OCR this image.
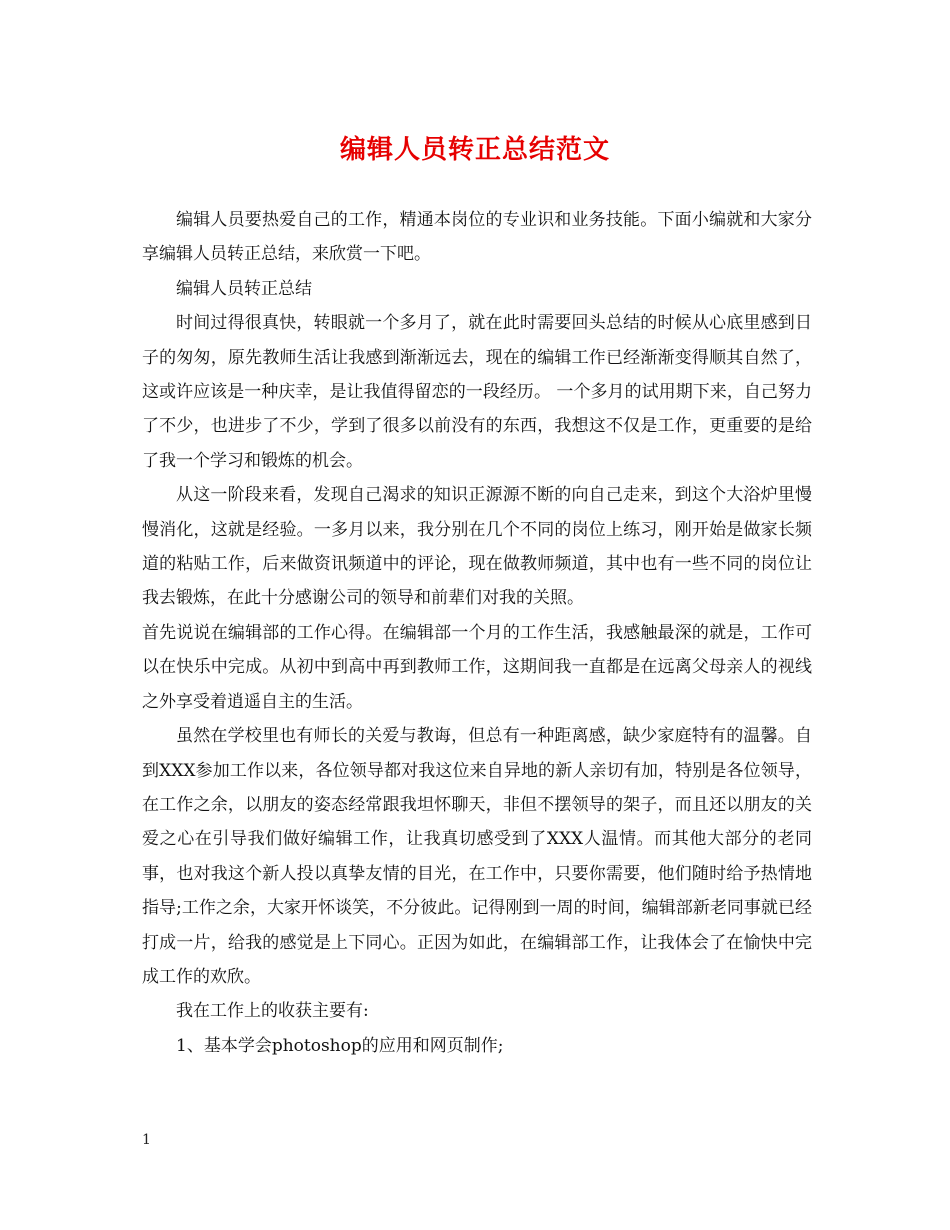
编辑人员转正总结范文

编辑人员要热爱自己的工作，精通本岗位的专业识和业务技能。下面小编就和大家分享编辑人员转正总结，来欣赏一下吧。

编辑人员转正总结

时间过得很真快，转眼就一个多月了，就在此时需要回头总结的时候从心底里感到日子的匆匆，原先教师生活让我感到渐渐远去，现在的编辑工作已经渐渐变得顺其自然了，这或许应该是一种庆幸，是让我值得留恋的一段经历。 一个多月的试用期下来，自己努力了不少，也进步了不少，学到了很多以前没有的东西，我想这不仅是工作，更重要的是给了我一个学习和锻炼的机会。

从这一阶段来看，发现自己渴求的知识正源源不断的向自己走来，到这个大浴炉里慢慢消化，这就是经验。一多月以来，我分别在几个不同的岗位上练习，刚开始是做家长频道的粘贴工作，后来做资讯频道中的评论，现在做教师频道，其中也有一些不同的岗位让我去锻炼，在此十分感谢公司的领导和前辈们对我的关照。

首先说说在编辑部的工作心得。在编辑部一个月的工作生活，我感触最深的就是，工作可以在快乐中完成。从初中到高中再到教师工作，这期间我一直都是在远离父母亲人的视线之外享受着逍遥自主的生活。

虽然在学校里也有师长的关爱与教诲，但总有一种距离感，缺少家庭特有的温馨。自到XXX参加工作以来，各位领导都对我这位来自异地的新人亲切有加，特别是各位领导，在工作之余，以朋友的姿态经常跟我坦怀聊天，非但不摆领导的架子，而且还以朋友的关爱之心在引导我们做好编辑工作，让我真切感受到了XXX人温情。而其他大部分的老同事，也对我这个新人投以真挚友情的目光，在工作中，只要你需要，他们随时给予热情地指导;工作之余，大家开怀谈笑，不分彼此。记得刚到一周的时间，编辑部新老同事就已经打成一片，给我的感觉是上下同心。正因为如此，在编辑部工作，让我体会了在愉快中完成工作的欢欣。

我在工作上的收获主要有:

1、基本学会photoshop的应用和网页制作;

1
